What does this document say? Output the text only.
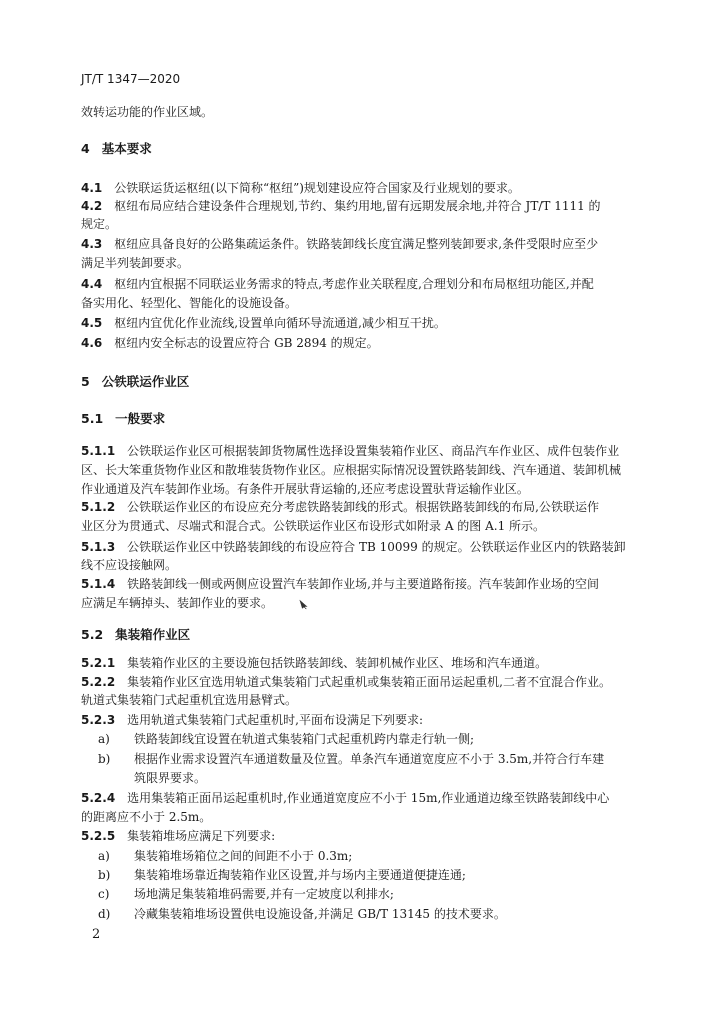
JT/T 1347—2020
效转运功能的作业区域。
4 基本要求
4.1 公铁联运货运枢纽(以下简称“枢纽”)规划建设应符合国家及行业规划的要求。
4.2 枢纽布局应结合建设条件合理规划,节约、集约用地,留有远期发展余地,并符合 JT/T 1111 的
规定。
4.3 枢纽应具备良好的公路集疏运条件。铁路装卸线长度宜满足整列装卸要求,条件受限时应至少
满足半列装卸要求。
4.4 枢纽内宜根据不同联运业务需求的特点,考虑作业关联程度,合理划分和布局枢纽功能区,并配
备实用化、轻型化、智能化的设施设备。
4.5 枢纽内宜优化作业流线,设置单向循环导流通道,减少相互干扰。
4.6 枢纽内安全标志的设置应符合 GB 2894 的规定。
5 公铁联运作业区
5.1 一般要求
5.1.1 公铁联运作业区可根据装卸货物属性选择设置集装箱作业区、商品汽车作业区、成件包装作业
区、长大笨重货物作业区和散堆装货物作业区。应根据实际情况设置铁路装卸线、汽车通道、装卸机械
作业通道及汽车装卸作业场。有条件开展驮背运输的,还应考虑设置驮背运输作业区。
5.1.2 公铁联运作业区的布设应充分考虑铁路装卸线的形式。根据铁路装卸线的布局,公铁联运作
业区分为贯通式、尽端式和混合式。公铁联运作业区布设形式如附录 A 的图 A.1 所示。
5.1.3 公铁联运作业区中铁路装卸线的布设应符合 TB 10099 的规定。公铁联运作业区内的铁路装卸
线不应设接触网。
5.1.4 铁路装卸线一侧或两侧应设置汽车装卸作业场,并与主要道路衔接。汽车装卸作业场的空间
应满足车辆掉头、装卸作业的要求。
5.2 集装箱作业区
5.2.1 集装箱作业区的主要设施包括铁路装卸线、装卸机械作业区、堆场和汽车通道。
5.2.2 集装箱作业区宜选用轨道式集装箱门式起重机或集装箱正面吊运起重机,二者不宜混合作业。
轨道式集装箱门式起重机宜选用悬臂式。
5.2.3 选用轨道式集装箱门式起重机时,平面布设满足下列要求:
a) 铁路装卸线宜设置在轨道式集装箱门式起重机跨内靠走行轨一侧;
b) 根据作业需求设置汽车通道数量及位置。单条汽车通道宽度应不小于 3.5m,并符合行车建
筑限界要求。
5.2.4 选用集装箱正面吊运起重机时,作业通道宽度应不小于 15m,作业通道边缘至铁路装卸线中心
的距离应不小于 2.5m。
5.2.5 集装箱堆场应满足下列要求:
a) 集装箱堆场箱位之间的间距不小于 0.3m;
b) 集装箱堆场靠近掏装箱作业区设置,并与场内主要通道便捷连通;
c) 场地满足集装箱堆码需要,并有一定坡度以利排水;
d) 冷藏集装箱堆场设置供电设施设备,并满足 GB/T 13145 的技术要求。
2
